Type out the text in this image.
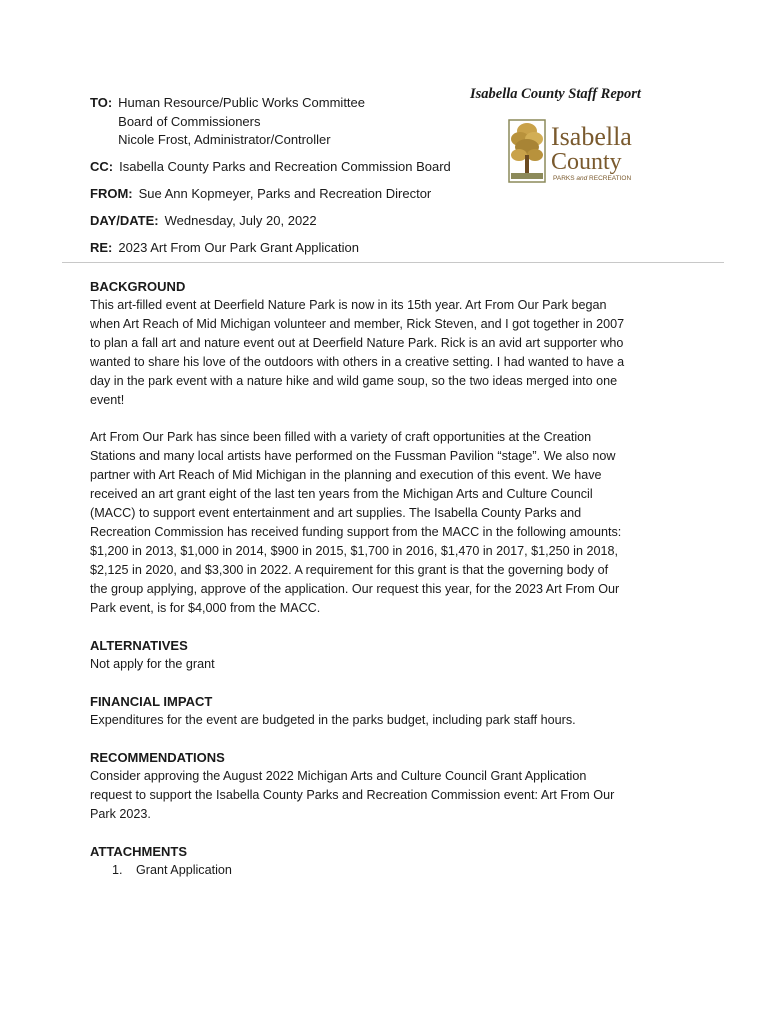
TO: Human Resource/Public Works Committee
Board of Commissioners
Nicole Frost, Administrator/Controller
CC: Isabella County Parks and Recreation Commission Board
FROM: Sue Ann Kopmeyer, Parks and Recreation Director
DAY/DATE: Wednesday, July 20, 2022
RE: 2023 Art From Our Park Grant Application
Isabella County Staff Report
Isabella
County
PARKS and RECREATION
BACKGROUND

This art-filled event at Deerfield Nature Park is now in its 15th year. Art From Our Park began

when Art Reach of Mid Michigan volunteer and member, Rick Steven, and I got together in 2007

to plan a fall art and nature event out at Deerfield Nature Park. Rick is an avid art supporter who

wanted to share his love of the outdoors with others in a creative setting. I had wanted to have a

day in the park event with a nature hike and wild game soup, so the two ideas merged into one

event!

Art From Our Park has since been filled with a variety of craft opportunities at the Creation

Stations and many local artists have performed on the Fussman Pavilion “stage”. We also now

partner with Art Reach of Mid Michigan in the planning and execution of this event. We have

received an art grant eight of the last ten years from the Michigan Arts and Culture Council

(MACC) to support event entertainment and art supplies. The Isabella County Parks and

Recreation Commission has received funding support from the MACC in the following amounts:

$1,200 in 2013, $1,000 in 2014, $900 in 2015, $1,700 in 2016, $1,470 in 2017, $1,250 in 2018,

$2,125 in 2020, and $3,300 in 2022. A requirement for this grant is that the governing body of

the group applying, approve of the application. Our request this year, for the 2023 Art From Our

Park event, is for $4,000 from the MACC.

ALTERNATIVES

Not apply for the grant

FINANCIAL IMPACT

Expenditures for the event are budgeted in the parks budget, including park staff hours.

RECOMMENDATIONS

Consider approving the August 2022 Michigan Arts and Culture Council Grant Application

request to support the Isabella County Parks and Recreation Commission event: Art From Our

Park 2023.

ATTACHMENTS
1. Grant Application
